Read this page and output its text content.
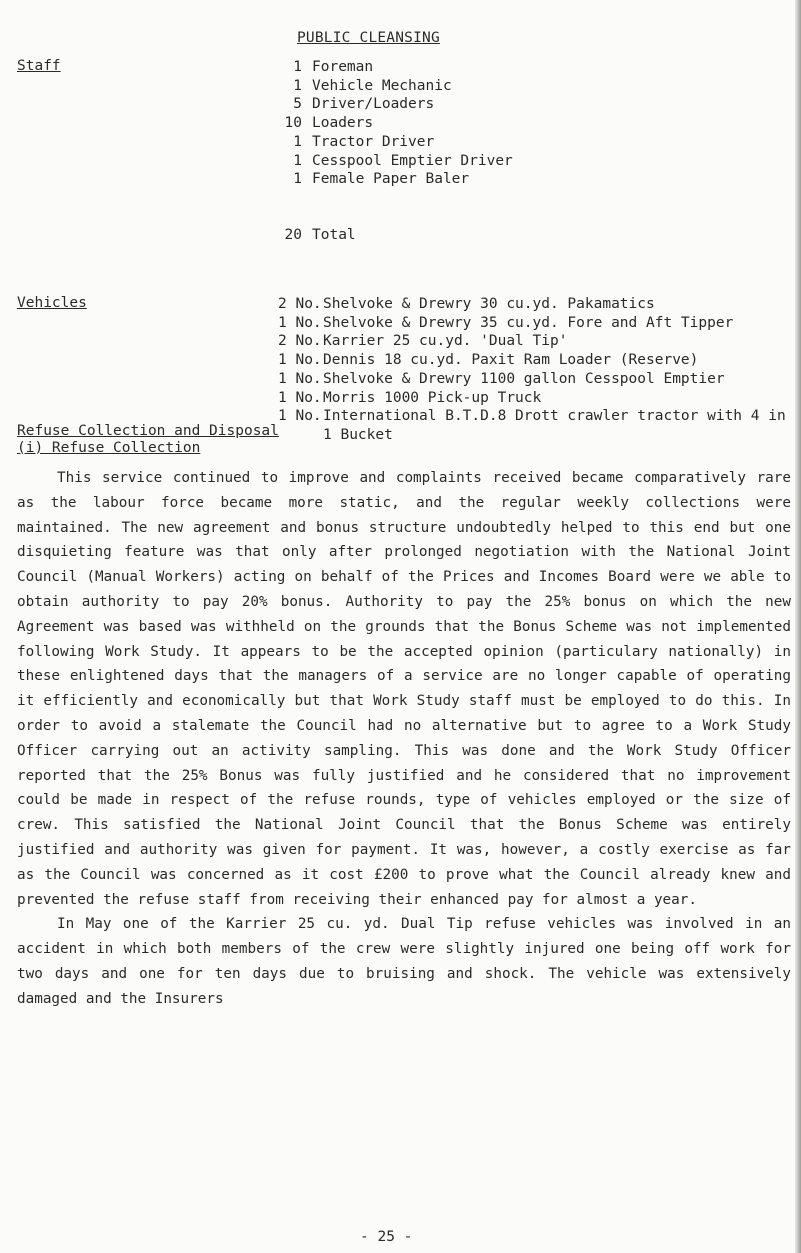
PUBLIC CLEANSING
Staff	1 Foreman
1 Vehicle Mechanic
5 Driver/Loaders
10 Loaders
1 Tractor Driver
1 Cesspool Emptier Driver
1 Female Paper Baler
20 Total
Vehicles	2 No. Shelvoke & Drewry 30 cu.yd. Pakamatics
1 No. Shelvoke & Drewry 35 cu.yd. Fore and Aft Tipper
2 No. Karrier 25 cu.yd. 'Dual Tip'
1 No. Dennis 18 cu.yd. Paxit Ram Loader (Reserve)
1 No. Shelvoke & Drewry 1100 gallon Cesspool Emptier
1 No. Morris 1000 Pick-up Truck
1 No. International B.T.D.8 Drott crawler tractor with 4 in 1 Bucket
Refuse Collection and Disposal
(i) Refuse Collection

This service continued to improve and complaints received became comparatively rare as the labour force became more static, and the regular weekly collections were maintained. The new agreement and bonus structure undoubtedly helped to this end but one disquieting feature was that only after prolonged negotiation with the National Joint Council (Manual Workers) acting on behalf of the Prices and Incomes Board were we able to obtain authority to pay 20% bonus. Authority to pay the 25% bonus on which the new Agreement was based was withheld on the grounds that the Bonus Scheme was not implemented following Work Study. It appears to be the accepted opinion (particulary nationally) in these enlightened days that the managers of a service are no longer capable of operating it efficiently and economically but that Work Study staff must be employed to do this. In order to avoid a stalemate the Council had no alternative but to agree to a Work Study Officer carrying out an activity sampling. This was done and the Work Study Officer reported that the 25% Bonus was fully justified and he considered that no improvement could be made in respect of the refuse rounds, type of vehicles employed or the size of crew. This satisfied the National Joint Council that the Bonus Scheme was entirely justified and authority was given for payment. It was, however, a costly exercise as far as the Council was concerned as it cost £200 to prove what the Council already knew and prevented the refuse staff from receiving their enhanced pay for almost a year.

In May one of the Karrier 25 cu. yd. Dual Tip refuse vehicles was involved in an accident in which both members of the crew were slightly injured one being off work for two days and one for ten days due to bruising and shock. The vehicle was extensively damaged and the Insurers

- 25 -
